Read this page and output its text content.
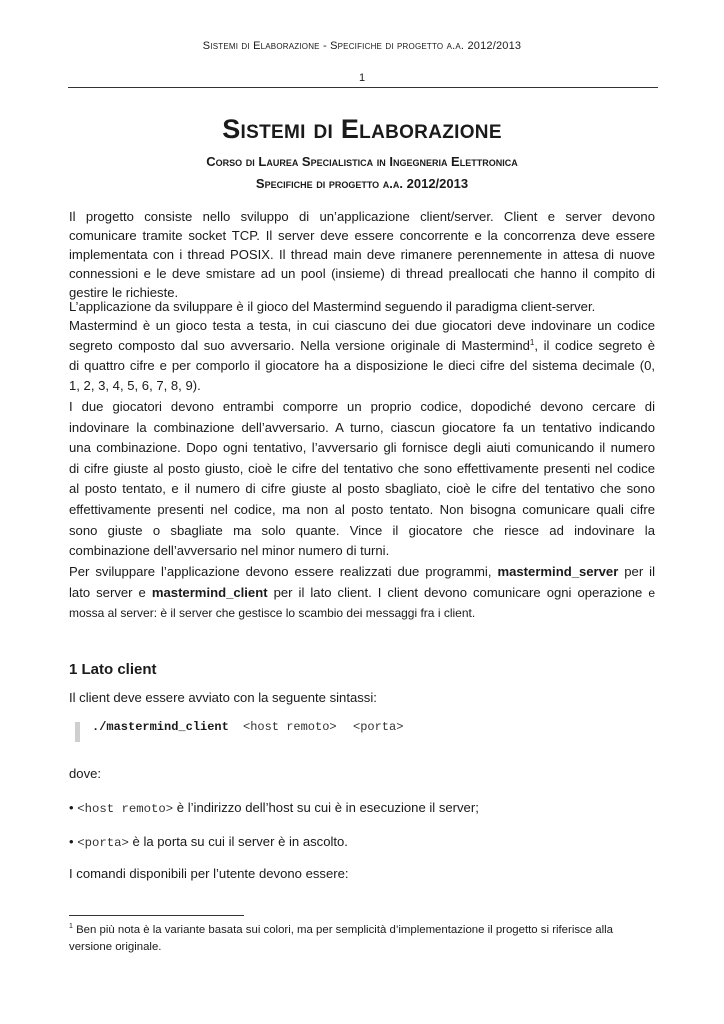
Sistemi di Elaborazione - Specifiche di progetto a.a. 2012/2013
1
Sistemi di Elaborazione
Corso di Laurea Specialistica in Ingegneria Elettronica
Specifiche di progetto a.a. 2012/2013
Il progetto consiste nello sviluppo di un’applicazione client/server. Client e server devono
comunicare tramite socket TCP. Il server deve essere concorrente e la concorrenza deve essere
implementata con i thread POSIX. Il thread main deve rimanere perennemente in attesa di nuove
connessioni e le deve smistare ad un pool (insieme) di thread preallocati che hanno il compito di
gestire le richieste.
L’applicazione da sviluppare è il gioco del Mastermind seguendo il paradigma client-server.
Mastermind è un gioco testa a testa, in cui ciascuno dei due giocatori deve indovinare un codice
segreto composto dal suo avversario. Nella versione originale di Mastermind$^1$, il codice segreto è
di quattro cifre e per comporlo il giocatore ha a disposizione le dieci cifre del sistema decimale (0,
1, 2, 3, 4, 5, 6, 7, 8, 9).
I due giocatori devono entrambi comporre un proprio codice, dopodiché devono cercare di
indovinare la combinazione dell’avversario. A turno, ciascun giocatore fa un tentativo indicando
una combinazione. Dopo ogni tentativo, l’avversario gli fornisce degli aiuti comunicando il numero
di cifre giuste al posto giusto, cioè le cifre del tentativo che sono effettivamente presenti nel codice
al posto tentato, e il numero di cifre giuste al posto sbagliato, cioè le cifre del tentativo che sono
effettivamente presenti nel codice, ma non al posto tentato. Non bisogna comunicare quali cifre
sono giuste o sbagliate ma solo quante. Vince il giocatore che riesce ad indovinare la
combinazione dell’avversario nel minor numero di turni.
Per sviluppare l’applicazione devono essere realizzati due programmi, mastermind_server per il
lato server e mastermind_client per il lato client. I client devono comunicare ogni operazione e
mossa al server: è il server che gestisce lo scambio dei messaggi fra i client.
1 Lato client
Il client deve essere avviato con la seguente sintassi:
./mastermind_client <host remoto> <porta>
dove:
• <host remoto> è l’indirizzo dell’host su cui è in esecuzione il server;
• <porta> è la porta su cui il server è in ascolto.
I comandi disponibili per l’utente devono essere:
$^1$ Ben più nota è la variante basata sui colori, ma per semplicità d’implementazione il progetto si riferisce alla versione originale.
